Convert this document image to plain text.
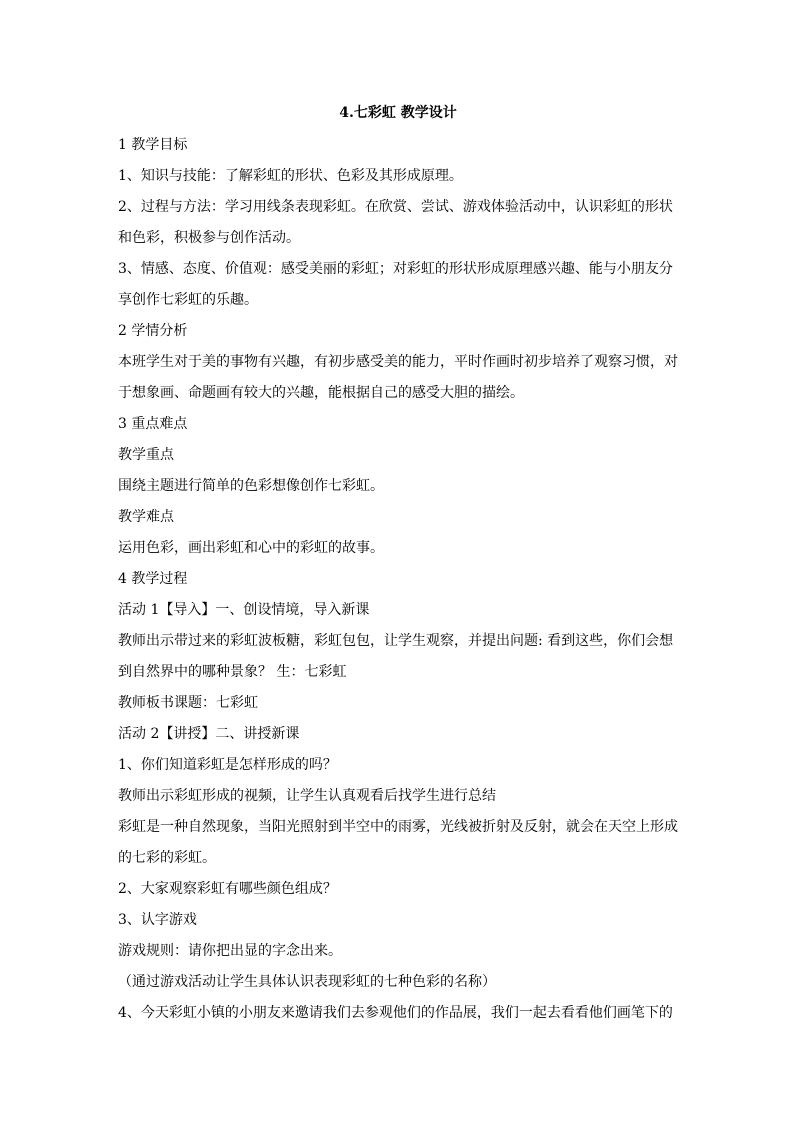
4.七彩虹 教学设计

1 教学目标

1、知识与技能：了解彩虹的形状、色彩及其形成原理。

2、过程与方法：学习用线条表现彩虹。在欣赏、尝试、游戏体验活动中，认识彩虹的形状

和色彩，积极参与创作活动。

3、情感、态度、价值观：感受美丽的彩虹；对彩虹的形状形成原理感兴趣、能与小朋友分

享创作七彩虹的乐趣。

2 学情分析

本班学生对于美的事物有兴趣，有初步感受美的能力，平时作画时初步培养了观察习惯，对

于想象画、命题画有较大的兴趣，能根据自己的感受大胆的描绘。

3 重点难点

教学重点

围绕主题进行简单的色彩想像创作七彩虹。

教学难点

运用色彩，画出彩虹和心中的彩虹的故事。

4 教学过程

活动 1【导入】一、创设情境，导入新课

教师出示带过来的彩虹波板糖，彩虹包包，让学生观察，并提出问题: 看到这些，你们会想

到自然界中的哪种景象？ 生：七彩虹

教师板书课题：七彩虹

活动 2【讲授】二、讲授新课

1、你们知道彩虹是怎样形成的吗？

教师出示彩虹形成的视频，让学生认真观看后找学生进行总结

彩虹是一种自然现象，当阳光照射到半空中的雨雾，光线被折射及反射，就会在天空上形成

的七彩的彩虹。

2、大家观察彩虹有哪些颜色组成？

3、认字游戏

游戏规则：请你把出显的字念出来。

（通过游戏活动让学生具体认识表现彩虹的七种色彩的名称）

4、今天彩虹小镇的小朋友来邀请我们去参观他们的作品展，我们一起去看看他们画笔下的
